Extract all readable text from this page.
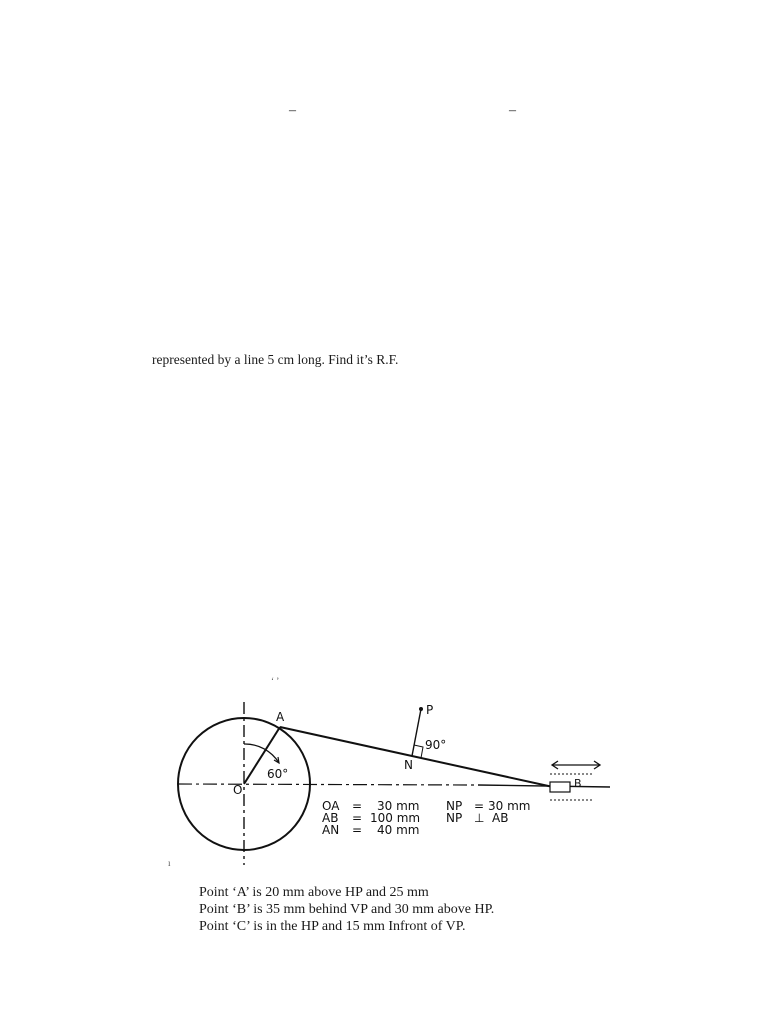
–	–
represented by a line 5 cm long. Find it’s R.F.
‘ ’
ı
A
O
N
P
B
60°
90°
OA = 30 mm
AB = 100 mm
AN = 40 mm
NP = 30 mm
NP ⊥ AB
Point ‘A’ is 20 mm above HP and 25 mm
Point ‘B’ is 35 mm behind VP and 30 mm above HP.
Point ‘C’ is in the HP and 15 mm Infront of VP.
